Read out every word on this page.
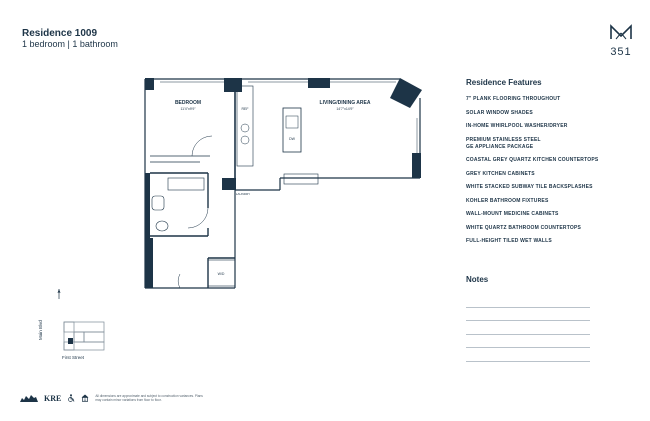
Residence 1009
1 bedroom | 1 bathroom
351
BEDROOM
11'4"x9'9"
LIVING/DINING AREA
14'7"x14'9"
REF
DW
LAUNDRY
W/D
Main Blvd
First Street
Residence Features
7" PLANK FLOORING THROUGHOUT
SOLAR WINDOW SHADES
IN-HOME WHIRLPOOL WASHER/DRYER
PREMIUM STAINLESS STEEL GE APPLIANCE PACKAGE
COASTAL GREY QUARTZ KITCHEN COUNTERTOPS
GREY KITCHEN CABINETS
WHITE STACKED SUBWAY TILE BACKSPLASHES
KOHLER BATHROOM FIXTURES
WALL-MOUNT MEDICINE CABINETS
WHITE QUARTZ BATHROOM COUNTERTOPS
FULL-HEIGHT TILED WET WALLS
Notes
KRE	All dimensions are approximate and subject to construction variances. Plans may contain minor variations from floor to floor.
